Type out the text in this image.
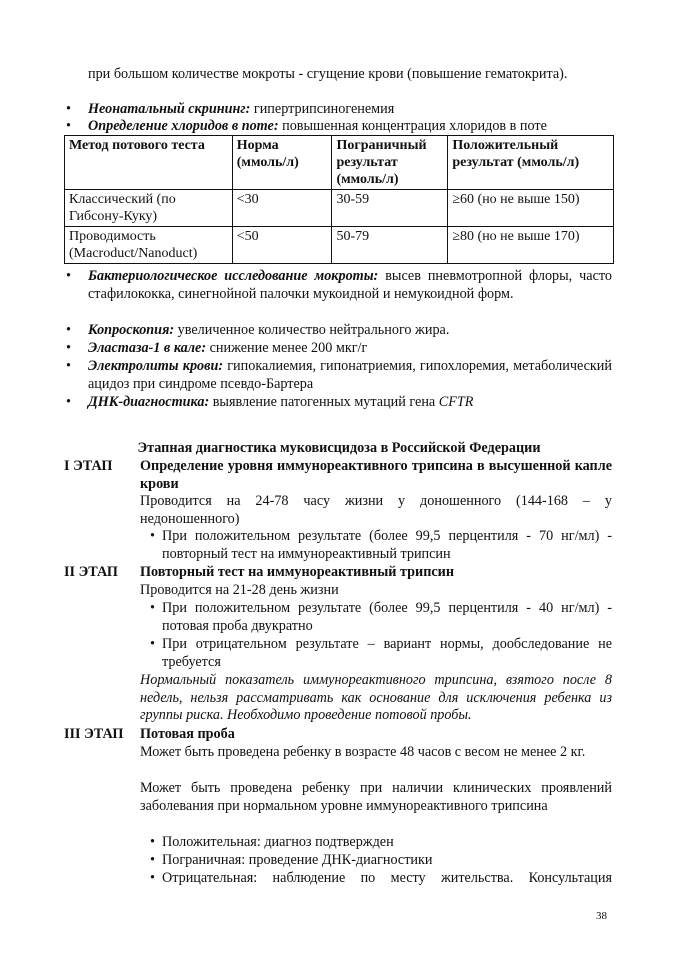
при большом количестве мокроты - сгущение крови (повышение гематокрита).

•	Неонатальный скрининг: гипертрипсиногенемия

•	Определение хлоридов в поте: повышенная концентрация хлоридов в поте

Метод потового теста	Норма (ммоль/л)	Пограничный результат (ммоль/л)	Положительный результат (ммоль/л)
Классический (по Гибсону-Куку)	<30	30-59	≥60 (но не выше 150)
Проводимость (Macroduct/Nanoduct)	<50	50-79	≥80 (но не выше 170)
•	Бактериологическое исследование мокроты: высев пневмотропной флоры, часто стафилококка, синегнойной палочки мукоидной и немукоидной форм.

•	Копроскопия: увеличенное количество нейтрального жира.

•	Эластаза-1 в кале: снижение менее 200 мкг/г

•	Электролиты крови: гипокалиемия, гипонатриемия, гипохлоремия, метаболический ацидоз при синдроме псевдо-Бартера

•	ДНК-диагностика: выявление патогенных мутаций гена CFTR

Этапная диагностика муковисцидоза в Российской Федерации
I ЭТАП Определение уровня иммунореактивного трипсина в высушенной капле крови

Проводится на 24-78 часу жизни у доношенного (144-168 – у недоношенного)

• При положительном результате (более 99,5 перцентиля - 70 нг/мл) - повторный тест на иммунореактивный трипсин

II ЭТАП Повторный тест на иммунореактивный трипсин

Проводится на 21-28 день жизни

• При положительном результате (более 99,5 перцентиля - 40 нг/мл) - потовая проба двукратно

• При отрицательном результате – вариант нормы, дообследование не требуется

Нормальный показатель иммунореактивного трипсина, взятого после 8 недель, нельзя рассматривать как основание для исключения ребенка из группы риска. Необходимо проведение потовой пробы.

III ЭТАП Потовая проба

Может быть проведена ребенку в возрасте 48 часов с весом не менее 2 кг.

Может быть проведена ребенку при наличии клинических проявлений заболевания при нормальном уровне иммунореактивного трипсина

• Положительная: диагноз подтвержден

• Пограничная: проведение ДНК-диагностики

• Отрицательная: наблюдение по месту жительства. Консультация

38
